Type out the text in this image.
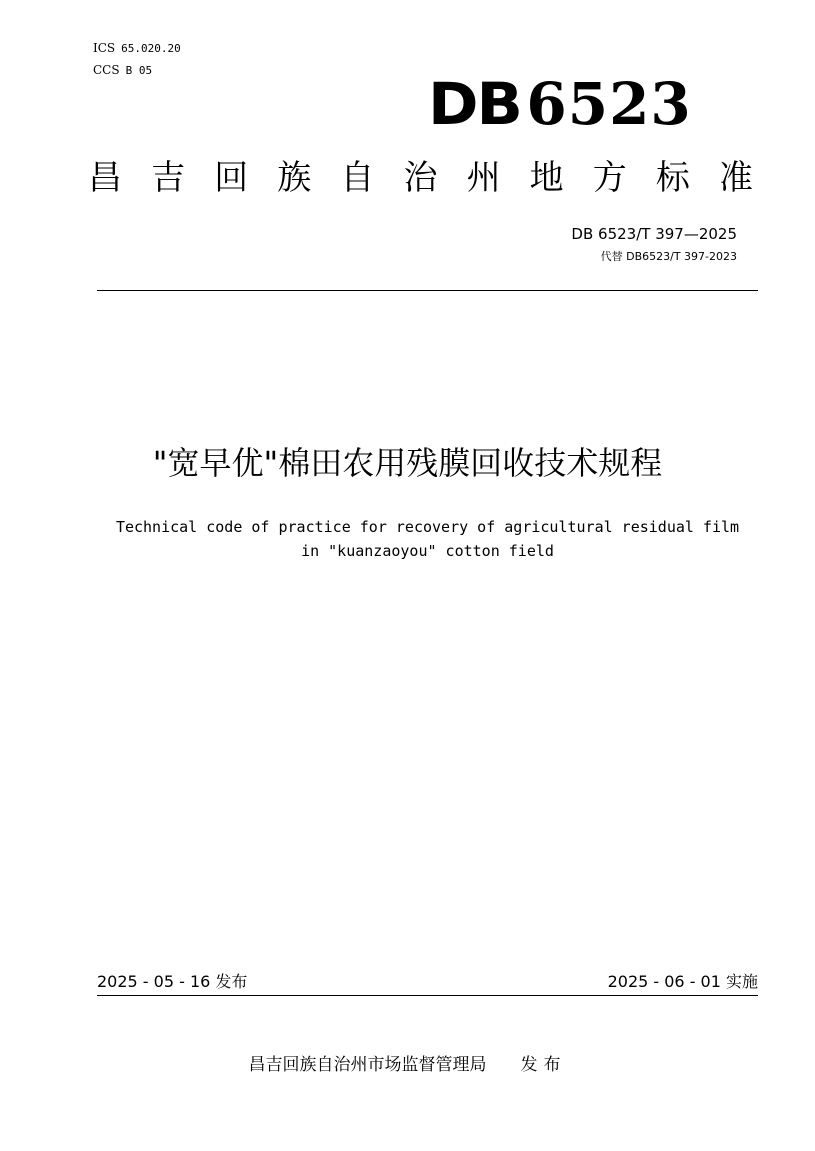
ICS 65.020.20
CCS B 05	DB 6523
昌 吉 回 族 自 治 州 地 方 标 准
DB 6523/T 397—2025
代替 DB6523/T 397-2023
"宽早优"棉田农用残膜回收技术规程
Technical code of practice for recovery of agricultural residual film
in "kuanzaoyou" cotton field
2025 - 05 - 16 发布	2025 - 06 - 01 实施
昌吉回族自治州市场监督管理局 发布
